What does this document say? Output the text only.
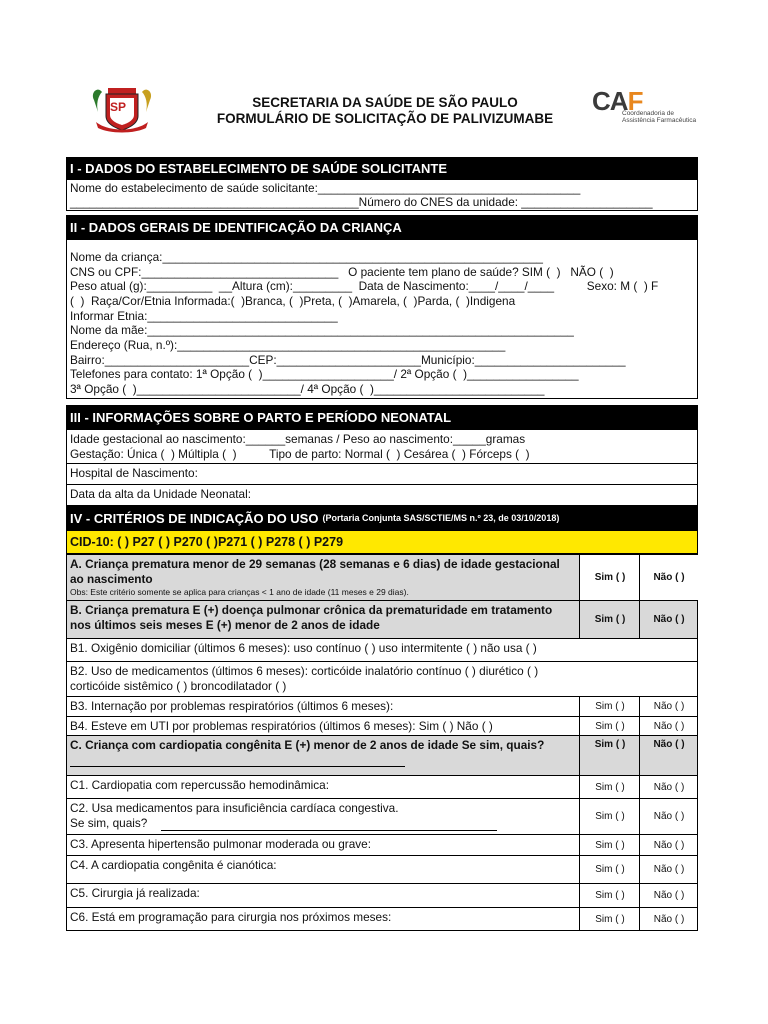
SP	SECRETARIA DA SAÚDE DE SÃO PAULO
FORMULÁRIO DE SOLICITAÇÃO DE PALIVIZUMABE
CAF
Coordenadoria de
Assistência Farmacêutica
I - DADOS DO ESTABELECIMENTO DE SAÚDE SOLICITANTE
Nome do estabelecimento de saúde solicitante:________________________________________
____________________________________________Número do CNES da unidade: ____________________
II - DADOS GERAIS DE IDENTIFICAÇÃO DA CRIANÇA
Nome da criança:__________________________________________________________
CNS ou CPF:______________________________   O paciente tem plano de saúde? SIM (  )   NÃO (  )
Peso atual (g):__________  __Altura (cm):_________  Data de Nascimento:____/____/____          Sexo: M (  ) F
(  )  Raça/Cor/Etnia Informada:(  )Branca, (  )Preta, (  )Amarela, (  )Parda, (  )Indigena
Informar Etnia:_____________________________
Nome da mãe:_________________________________________________________________
Endereço (Rua, n.º):__________________________________________________
Bairro:______________________CEP:______________________Município:_______________________
Telefones para contato: 1ª Opção (  )____________________/ 2ª Opção (  )_________________
3ª Opção (  )_________________________/ 4ª Opção (  )__________________________
III - INFORMAÇÕES SOBRE O PARTO E PERÍODO NEONATAL
Idade gestacional ao nascimento:______semanas / Peso ao nascimento:_____gramas
Gestação: Única (  ) Múltipla (  )          Tipo de parto: Normal (  ) Cesárea (  ) Fórceps (  )
Hospital de Nascimento:
Data da alta da Unidade Neonatal:
IV - CRITÉRIOS DE INDICAÇÃO DO USO (Portaria Conjunta SAS/SCTIE/MS n.º 23, de 03/10/2018)
CID-10: ( ) P27 ( ) P270 ( )P271 ( ) P278 ( ) P279
A. Criança prematura menor de 29 semanas (28 semanas e 6 dias) de idade gestacional ao nascimento
Obs: Este critério somente se aplica para crianças < 1 ano de idade (11 meses e 29 dias).
Sim ( )	Não ( )
B. Criança prematura E (+) doença pulmonar crônica da prematuridade em tratamento nos últimos seis meses E (+) menor de 2 anos de idade	Sim ( )	Não ( )
B1. Oxigênio domiciliar (últimos 6 meses): uso contínuo ( ) uso intermitente ( ) não usa ( )
B2. Uso de medicamentos (últimos 6 meses): corticóide inalatório contínuo ( ) diurético ( ) corticóide sistêmico ( ) broncodilatador ( )
B3. Internação por problemas respiratórios (últimos 6 meses):	Sim ( )	Não ( )
B4. Esteve em UTI por problemas respiratórios (últimos 6 meses): Sim ( ) Não ( )	Sim ( )	Não ( )
C. Criança com cardiopatia congênita E (+) menor de 2 anos de idade Se sim, quais?	Sim ( )	Não ( )
C1. Cardiopatia com repercussão hemodinâmica:	Sim ( )	Não ( )
C2. Usa medicamentos para insuficiência cardíaca congestiva.
Se sim, quais?	Sim ( )	Não ( )
C3. Apresenta hipertensão pulmonar moderada ou grave:	Sim ( )	Não ( )
C4. A cardiopatia congênita é cianótica:	Sim ( )	Não ( )
C5. Cirurgia já realizada:	Sim ( )	Não ( )
C6. Está em programação para cirurgia nos próximos meses:	Sim ( )	Não ( )
